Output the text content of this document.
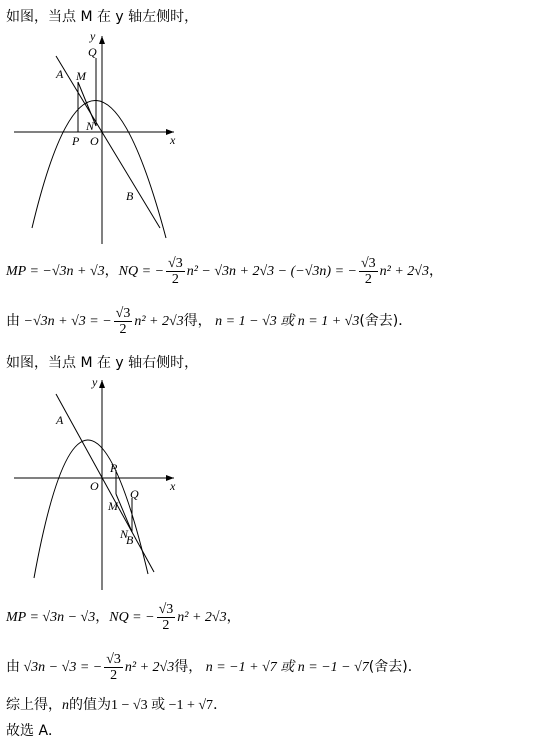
如图，当点 M 在 y 轴左侧时，
y
x
Q
A M
N
P O
B
MP = −√3n + √3，NQ = − $\frac{√3}{2} n^2 - √3n + 2√3 - (-√3n)$ = − $\frac{√3}{2} n^2 + 2√3$，
由 −√3n + √3 = − $\frac{√3}{2} n^2 + 2√3$得， n = 1 − √3 或 n = 1 + √3(舍去)．
如图，当点 M 在 y 轴右侧时，
y
x
A
P
O
M
Q
N
B
MP = √3n − √3，NQ = − $\frac{√3}{2} n^2 + 2√3$，
由 √3n − √3 = − $\frac{√3}{2} n^2 + 2√3$得， n = −1 + √7 或 n = −1 − √7(舍去)．
综上得，n的值为1 − √3 或 −1 + √7．
故选 A．
